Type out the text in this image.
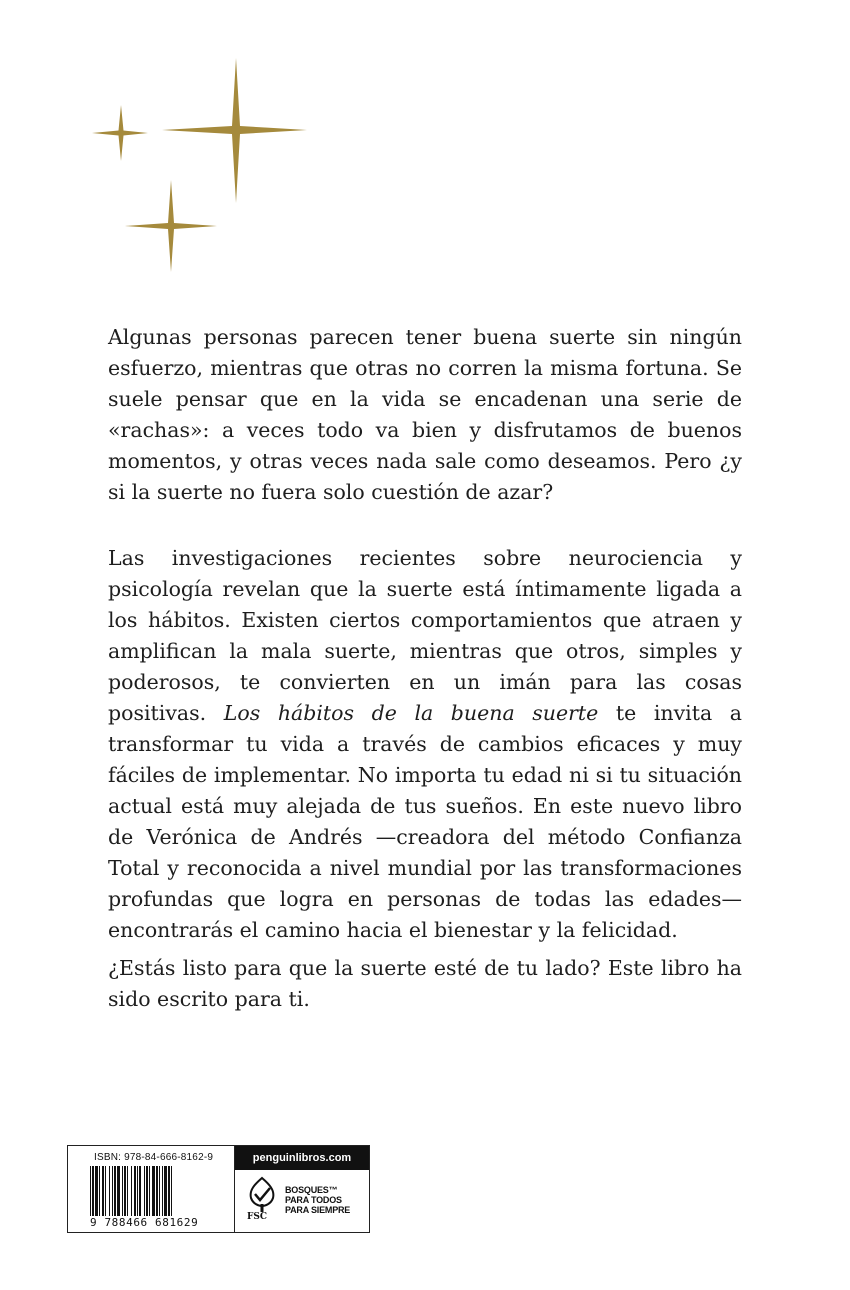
Algunas personas parecen tener buena suerte sin ningún esfuerzo, mientras que otras no corren la misma fortuna. Se suele pensar que en la vida se encadenan una serie de «rachas»: a veces todo va bien y disfrutamos de buenos momentos, y otras veces nada sale como deseamos. Pero ¿y si la suerte no fuera solo cuestión de azar?

Las investigaciones recientes sobre neurociencia y psicología revelan que la suerte está íntimamente ligada a los hábitos. Existen ciertos comportamientos que atraen y amplifican la mala suerte, mientras que otros, simples y poderosos, te convierten en un imán para las cosas positivas. Los hábitos de la buena suerte te invita a transformar tu vida a través de cambios eficaces y muy fáciles de implementar. No importa tu edad ni si tu situación actual está muy alejada de tus sueños. En este nuevo libro de Verónica de Andrés —creadora del método Confianza Total y reconocida a nivel mundial por las transformaciones profundas que logra en personas de todas las edades— encontrarás el camino hacia el bienestar y la felicidad.

¿Estás listo para que la suerte esté de tu lado? Este libro ha sido escrito para ti.

ISBN: 978-84-666-8162-9
9 788466 681629
penguinlibros.com
FSC
BOSQUES™
PARA TODOS
PARA SIEMPRE
